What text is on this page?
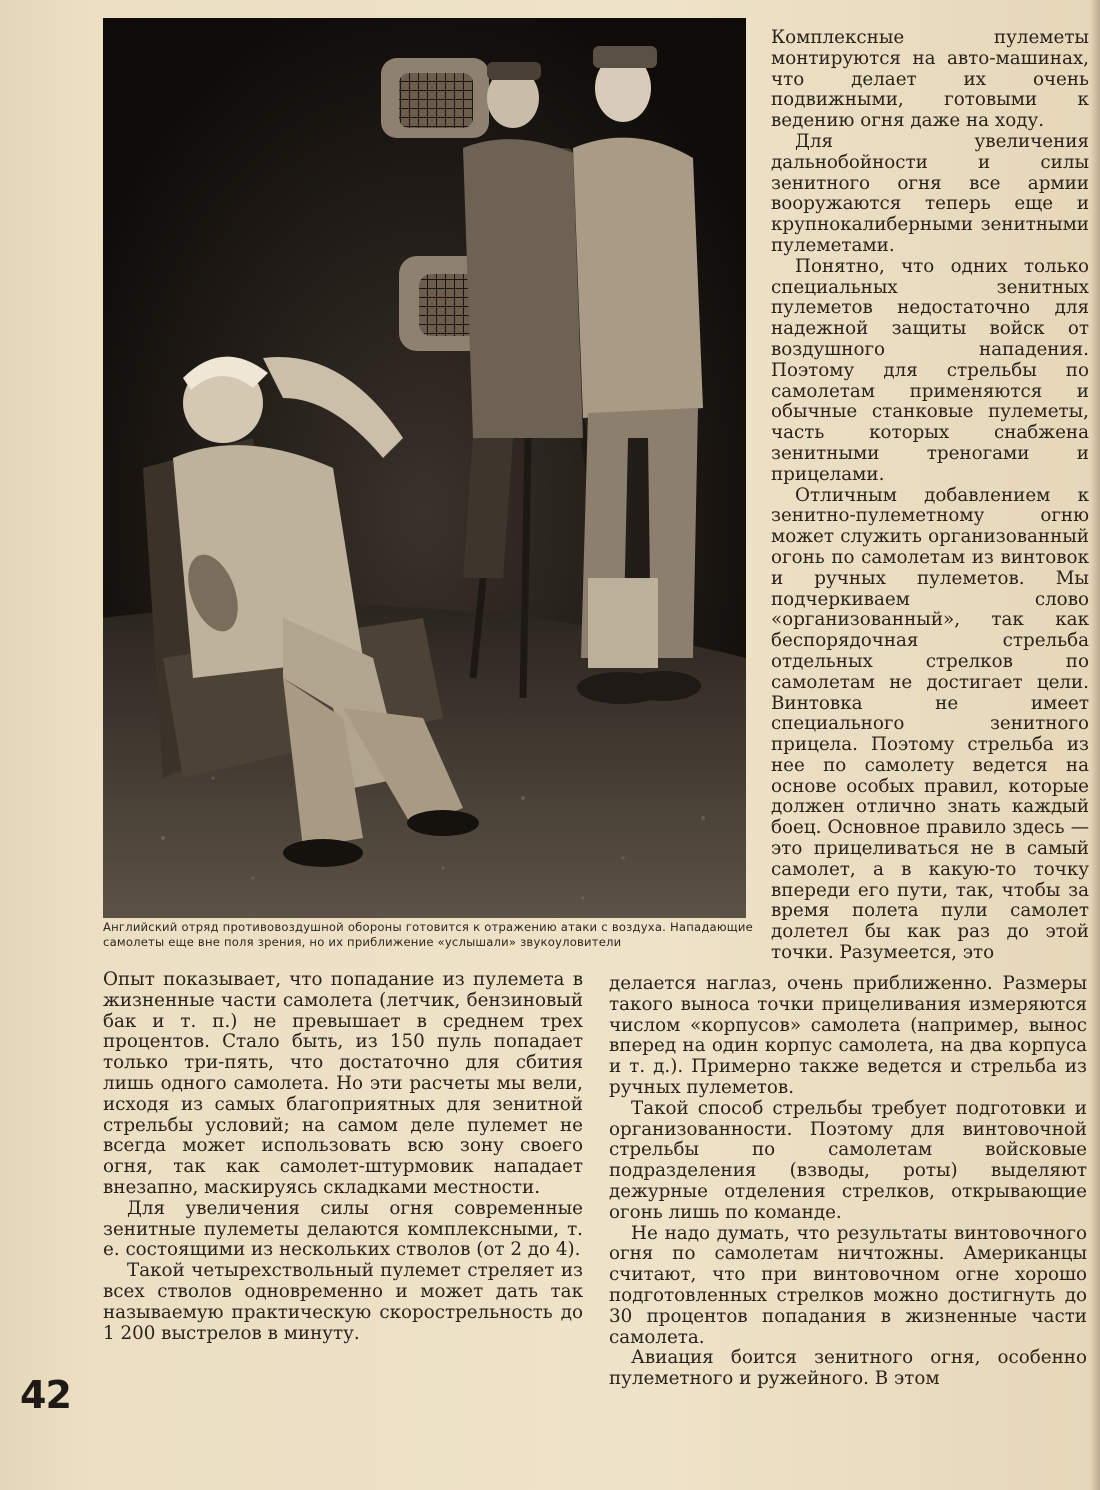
Английский отряд противовоздушной обороны готовится к отражению атаки с воздуха. Нападающие самолеты еще вне поля зрения, но их приближение «услышали» звукоуловители

Комплексные пулеметы монтируются на авто-машинах, что делает их очень подвижными, готовыми к ведению огня даже на ходу.

Для увеличения дальнобойности и силы зенитного огня все армии вооружаются теперь еще и крупнокалиберными зенитными пулеметами.

Понятно, что одних только специальных зенитных пулеметов недостаточно для надежной защиты войск от воздушного нападения. Поэтому для стрельбы по самолетам применяются и обычные станковые пулеметы, часть которых снабжена зенитными треногами и прицелами.

Отличным добавлением к зенитно-пулеметному огню может служить организованный огонь по самолетам из винтовок и ручных пулеметов. Мы подчеркиваем слово «организованный», так как беспорядочная стрельба отдельных стрелков по самолетам не достигает цели. Винтовка не имеет специального зенитного прицела. Поэтому стрельба из нее по самолету ведется на основе особых правил, которые должен отлично знать каждый боец. Основное правило здесь — это прицеливаться не в самый самолет, а в какую-то точку впереди его пути, так, чтобы за время полета пули самолет долетел бы как раз до этой точки. Разумеется, это

Опыт показывает, что попадание из пулемета в жизненные части самолета (летчик, бензиновый бак и т. п.) не превышает в среднем трех процентов. Стало быть, из 150 пуль попадает только три-пять, что достаточно для сбития лишь одного самолета. Но эти расчеты мы вели, исходя из самых благоприятных для зенитной стрельбы условий; на самом деле пулемет не всегда может использовать всю зону своего огня, так как самолет-штурмовик нападает внезапно, маскируясь складками местности.

Для увеличения силы огня современные зенитные пулеметы делаются комплексными, т. е. состоящими из нескольких стволов (от 2 до 4).

Такой четырехствольный пулемет стреляет из всех стволов одновременно и может дать так называемую практическую скорострельность до 1 200 выстрелов в минуту.

делается наглаз, очень приближенно. Размеры такого выноса точки прицеливания измеряются числом «корпусов» самолета (например, вынос вперед на один корпус самолета, на два корпуса и т. д.). Примерно также ведется и стрельба из ручных пулеметов.

Такой способ стрельбы требует подготовки и организованности. Поэтому для винтовочной стрельбы по самолетам войсковые подразделения (взводы, роты) выделяют дежурные отделения стрелков, открывающие огонь лишь по команде.

Не надо думать, что результаты винтовочного огня по самолетам ничтожны. Американцы считают, что при винтовочном огне хорошо подготовленных стрелков можно достигнуть до 30 процентов попадания в жизненные части самолета.

Авиация боится зенитного огня, особенно пулеметного и ружейного. В этом

42
